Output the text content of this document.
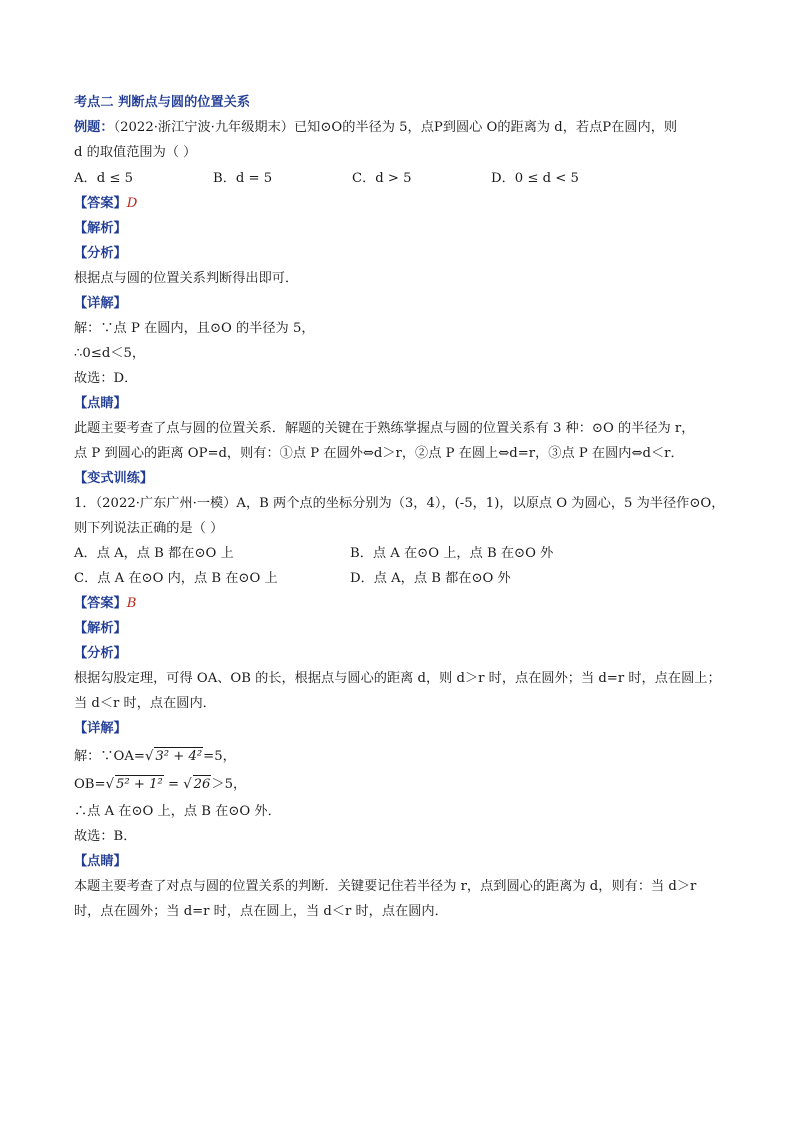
考点二 判断点与圆的位置关系
例题：（2022·浙江宁波·九年级期末）已知⊙O的半径为 5，点P到圆心 O的距离为 d，若点P在圆内，则
d 的取值范围为（ ）
A．d ≤ 5	B．d = 5	C．d > 5	D．0 ≤ d < 5
【答案】D
【解析】
【分析】
根据点与圆的位置关系判断得出即可．
【详解】
解：∵点 P 在圆内，且⊙O 的半径为 5，
∴0≤d＜5，
故选：D．
【点睛】
此题主要考查了点与圆的位置关系．解题的关键在于熟练掌握点与圆的位置关系有 3 种：⊙O 的半径为 r，
点 P 到圆心的距离 OP=d，则有：①点 P 在圆外⇔d＞r，②点 P 在圆上⇔d=r，③点 P 在圆内⇔d＜r．
【变式训练】
1．（2022·广东广州·一模）A，B 两个点的坐标分别为（3，4），(-5，1)，以原点 O 为圆心，5 为半径作⊙O，
则下列说法正确的是（ ）
A．点 A，点 B 都在⊙O 上	B．点 A 在⊙O 上，点 B 在⊙O 外
C．点 A 在⊙O 内，点 B 在⊙O 上	D．点 A，点 B 都在⊙O 外
【答案】B
【解析】
【分析】
根据勾股定理，可得 OA、OB 的长，根据点与圆心的距离 d，则 d＞r 时，点在圆外；当 d=r 时，点在圆上；
当 d＜r 时，点在圆内．
【详解】
解：∵OA=√ 3² + 4²=5，
OB=√ 5² + 1² = √ 26＞5，
∴点 A 在⊙O 上，点 B 在⊙O 外．
故选：B．
【点睛】
本题主要考查了对点与圆的位置关系的判断．关键要记住若半径为 r，点到圆心的距离为 d，则有：当 d＞r
时，点在圆外；当 d=r 时，点在圆上，当 d＜r 时，点在圆内．
